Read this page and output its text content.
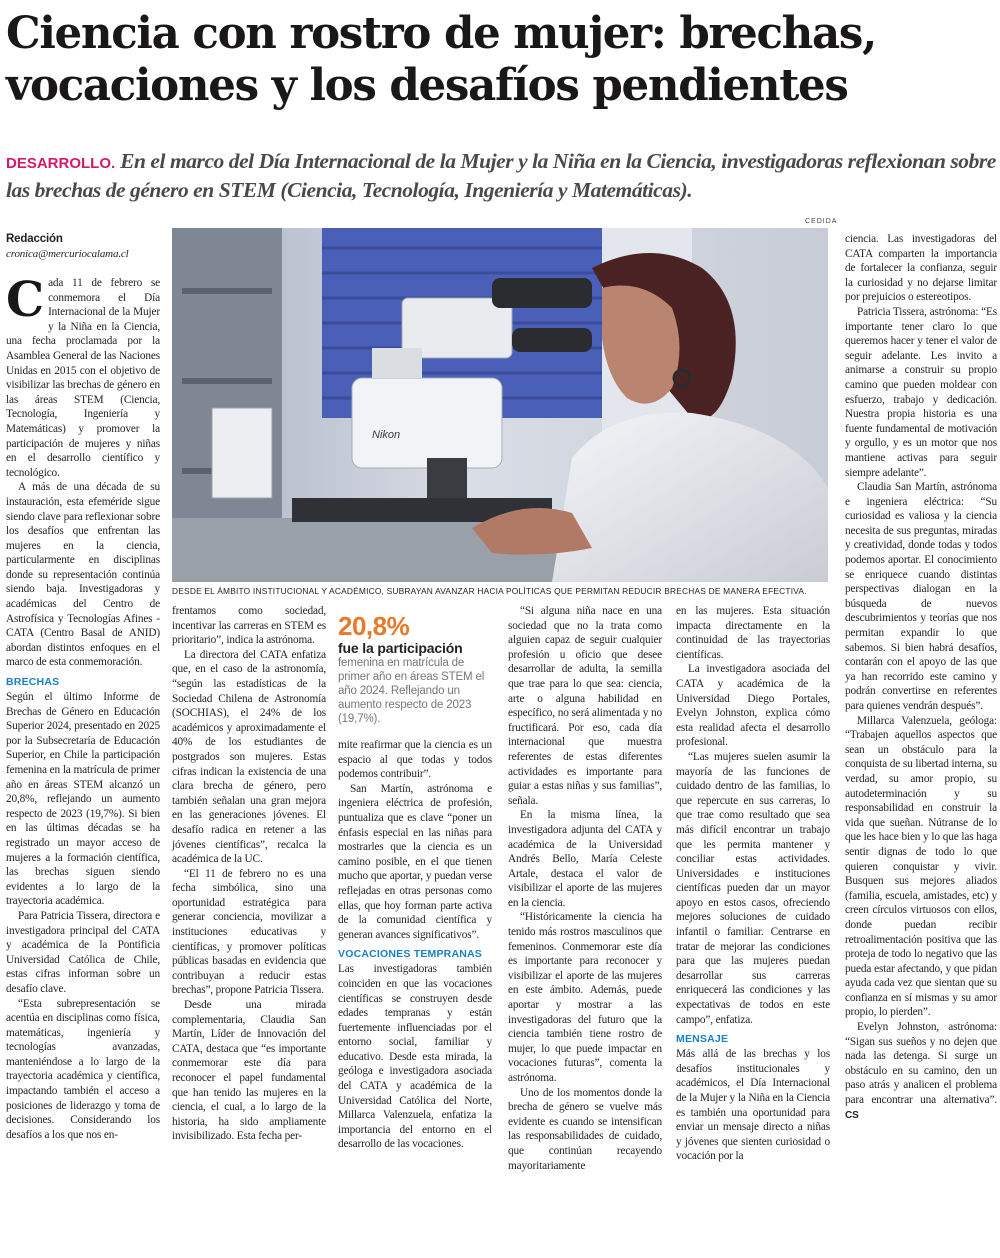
Ciencia con rostro de mujer: brechas, vocaciones y los desafíos pendientes

DESARROLLO. En el marco del Día Internacional de la Mujer y la Niña en la Ciencia, investigadoras reflexionan sobre las brechas de género en STEM (Ciencia, Tecnología, Ingeniería y Matemáticas).

CEDIDA
Nikon
DESDE EL ÁMBITO INSTITUCIONAL Y ACADÉMICO, SUBRAYAN AVANZAR HACIA POLÍTICAS QUE PERMITAN REDUCIR BRECHAS DE MANERA EFECTIVA.
Redacción
cronica@mercuriocalama.cl

Cada 11 de febrero se conmemora el Día Internacional de la Mujer y la Niña en la Ciencia, una fecha proclamada por la Asamblea General de las Naciones Unidas en 2015 con el objetivo de visibilizar las brechas de género en las áreas STEM (Ciencia, Tecnología, Ingeniería y Matemáticas) y promover la participación de mujeres y niñas en el desarrollo científico y tecnológico.

A más de una década de su instauración, esta efeméride sigue siendo clave para reflexionar sobre los desafíos que enfrentan las mujeres en la ciencia, particularmente en disciplinas donde su representación continúa siendo baja. Investigadoras y académicas del Centro de Astrofísica y Tecnologías Afines - CATA (Centro Basal de ANID) abordan distintos enfoques en el marco de esta conmemoración.

BRECHAS

Según el último Informe de Brechas de Género en Educación Superior 2024, presentado en 2025 por la Subsecretaría de Educación Superior, en Chile la participación femenina en la matrícula de primer año en áreas STEM alcanzó un 20,8%, reflejando un aumento respecto de 2023 (19,7%). Si bien en las últimas décadas se ha registrado un mayor acceso de mujeres a la formación científica, las brechas siguen siendo evidentes a lo largo de la trayectoria académica.

Para Patricia Tissera, directora e investigadora principal del CATA y académica de la Pontificia Universidad Católica de Chile, estas cifras informan sobre un desafío clave.

“Esta subrepresentación se acentúa en disciplinas como física, matemáticas, ingeniería y tecnologías avanzadas, manteniéndose a lo largo de la trayectoria académica y científica, impactando también el acceso a posiciones de liderazgo y toma de decisiones. Considerando los desafíos a los que nos en-

frentamos como sociedad, incentivar las carreras en STEM es prioritario”, indica la astrónoma.

La directora del CATA enfatiza que, en el caso de la astronomía, “según las estadísticas de la Sociedad Chilena de Astronomía (SOCHIAS), el 24% de los académicos y aproximadamente el 40% de los estudiantes de postgrados son mujeres. Estas cifras indican la existencia de una clara brecha de género, pero también señalan una gran mejora en las generaciones jóvenes. El desafío radica en retener a las jóvenes científicas”, recalca la académica de la UC.

“El 11 de febrero no es una fecha simbólica, sino una oportunidad estratégica para generar conciencia, movilizar a instituciones educativas y científicas, y promover políticas públicas basadas en evidencia que contribuyan a reducir estas brechas”, propone Patricia Tissera.

Desde una mirada complementaria, Claudia San Martín, Líder de Innovación del CATA, destaca que “es importante conmemorar este día para reconocer el papel fundamental que han tenido las mujeres en la ciencia, el cual, a lo largo de la historia, ha sido ampliamente invisibilizado. Esta fecha per-

20,8%
fue la participación
femenina en matrícula de primer año en áreas STEM el año 2024. Reflejando un aumento respecto de 2023 (19,7%).

mite reafirmar que la ciencia es un espacio al que todas y todos podemos contribuir”.

San Martín, astrónoma e ingeniera eléctrica de profesión, puntualiza que es clave “poner un énfasis especial en las niñas para mostrarles que la ciencia es un camino posible, en el que tienen mucho que aportar, y puedan verse reflejadas en otras personas como ellas, que hoy forman parte activa de la comunidad científica y generan avances significativos”.

VOCACIONES TEMPRANAS

Las investigadoras también coinciden en que las vocaciones científicas se construyen desde edades tempranas y están fuertemente influenciadas por el entorno social, familiar y educativo. Desde esta mirada, la geóloga e investigadora asociada del CATA y académica de la Universidad Católica del Norte, Millarca Valenzuela, enfatiza la importancia del entorno en el desarrollo de las vocaciones.

“Si alguna niña nace en una sociedad que no la trata como alguien capaz de seguir cualquier profesión u oficio que desee desarrollar de adulta, la semilla que trae para lo que sea: ciencia, arte o alguna habilidad en específico, no será alimentada y no fructificará. Por eso, cada día internacional que muestra referentes de estas diferentes actividades es importante para guiar a estas niñas y sus familias”, señala.

En la misma línea, la investigadora adjunta del CATA y académica de la Universidad Andrés Bello, María Celeste Artale, destaca el valor de visibilizar el aporte de las mujeres en la ciencia.

“Históricamente la ciencia ha tenido más rostros masculinos que femeninos. Conmemorar este día es importante para reconocer y visibilizar el aporte de las mujeres en este ámbito. Además, puede aportar y mostrar a las investigadoras del futuro que la ciencia también tiene rostro de mujer, lo que puede impactar en vocaciones futuras”, comenta la astrónoma.

Uno de los momentos donde la brecha de género se vuelve más evidente es cuando se intensifican las responsabilidades de cuidado, que continúan recayendo mayoritariamente

en las mujeres. Esta situación impacta directamente en la continuidad de las trayectorias científicas.

La investigadora asociada del CATA y académica de la Universidad Diego Portales, Evelyn Johnston, explica cómo esta realidad afecta el desarrollo profesional.

“Las mujeres suelen asumir la mayoría de las funciones de cuidado dentro de las familias, lo que repercute en sus carreras, lo que trae como resultado que sea más difícil encontrar un trabajo que les permita mantener y conciliar estas actividades. Universidades e instituciones científicas pueden dar un mayor apoyo en estos casos, ofreciendo mejores soluciones de cuidado infantil o familiar. Centrarse en tratar de mejorar las condiciones para que las mujeres puedan desarrollar sus carreras enriquecerá las condiciones y las expectativas de todos en este campo”, enfatiza.

MENSAJE

Más allá de las brechas y los desafíos institucionales y académicos, el Día Internacional de la Mujer y la Niña en la Ciencia es también una oportunidad para enviar un mensaje directo a niñas y jóvenes que sienten curiosidad o vocación por la

ciencia. Las investigadoras del CATA comparten la importancia de fortalecer la confianza, seguir la curiosidad y no dejarse limitar por prejuicios o estereotipos.

Patricia Tissera, astrónoma: “Es importante tener claro lo que queremos hacer y tener el valor de seguir adelante. Les invito a animarse a construir su propio camino que pueden moldear con esfuerzo, trabajo y dedicación. Nuestra propia historia es una fuente fundamental de motivación y orgullo, y es un motor que nos mantiene activas para seguir siempre adelante”.

Claudia San Martín, astrónoma e ingeniera eléctrica: “Su curiosidad es valiosa y la ciencia necesita de sus preguntas, miradas y creatividad, donde todas y todos podemos aportar. El conocimiento se enriquece cuando distintas perspectivas dialogan en la búsqueda de nuevos descubrimientos y teorías que nos permitan expandir lo que sabemos. Si bien habrá desafíos, contarán con el apoyo de las que ya han recorrido este camino y podrán convertirse en referentes para quienes vendrán después”.

Millarca Valenzuela, geóloga: “Trabajen aquellos aspectos que sean un obstáculo para la conquista de su libertad interna, su verdad, su amor propio, su autodeterminación y su responsabilidad en construir la vida que sueñan. Nútranse de lo que les hace bien y lo que las haga sentir dignas de todo lo que quieren conquistar y vivir. Busquen sus mejores aliados (familia, escuela, amistades, etc) y creen círculos virtuosos con ellos, donde puedan recibir retroalimentación positiva que las proteja de todo lo negativo que las pueda estar afectando, y que pidan ayuda cada vez que sientan que su confianza en sí mismas y su amor propio, lo pierden”.

Evelyn Johnston, astrónoma: “Sigan sus sueños y no dejen que nada las detenga. Si surge un obstáculo en su camino, den un paso atrás y analicen el problema para encontrar una alternativa”. CS
